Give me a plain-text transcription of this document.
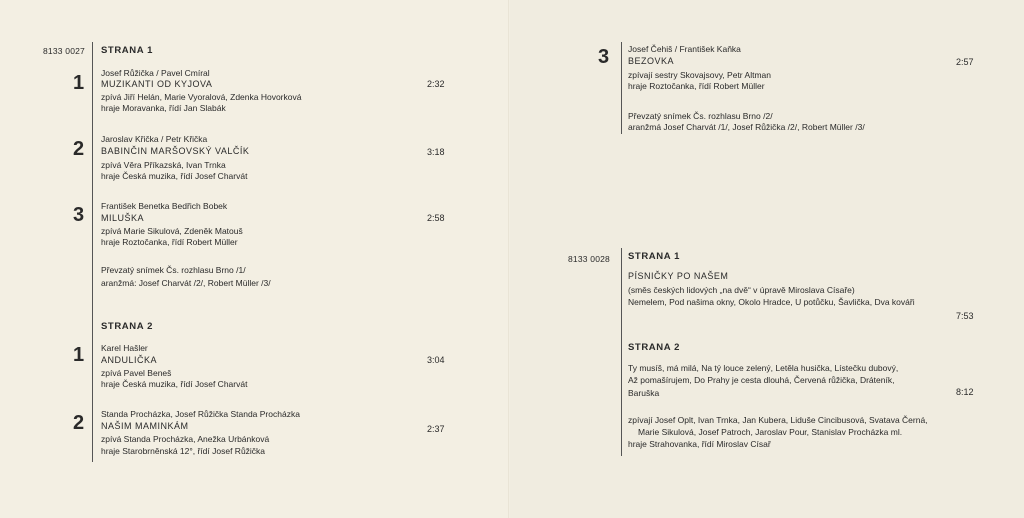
8133 0027 STRANA 1
1 Josef Růžička / Pavel Cmíral
MUZIKANTI OD KYJOVA	2:32
zpívá Jiří Helán, Marie Vyoralová, Zdenka Hovorková
hraje Moravanka, řídí Jan Slabák
2 Jaroslav Křička / Petr Křička
BABINČIN MARŠOVSKÝ VALČÍK	3:18
zpívá Věra Příkazská, Ivan Trnka
hraje Česká muzika, řídí Josef Charvát
3 František Benetka Bedřich Bobek
MILUŠKA	2:58
zpívá Marie Sikulová, Zdeněk Matouš
hraje Roztočanka, řídí Robert Müller
Převzatý snímek Čs. rozhlasu Brno /1/
aranžmá: Josef Charvát /2/, Robert Müller /3/
STRANA 2
1 Karel Hašler
ANDULIČKA	3:04
zpívá Pavel Beneš
hraje Česká muzika, řídí Josef Charvát
2 Standa Procházka, Josef Růžička Standa Procházka
NAŠIM MAMINKÁM	2:37
zpívá Standa Procházka, Anežka Urbánková
hraje Starobrněnská 12°, řídí Josef Růžička
3 Josef Čehiš / František Kaňka
BEZOVKA	2:57
zpívají sestry Skovajsovy, Petr Altman
hraje Roztočanka, řídí Robert Müller
Převzatý snímek Čs. rozhlasu Brno /2/
aranžmá Josef Charvát /1/, Josef Růžička /2/, Robert Müller /3/
8133 0028 STRANA 1
PÍSNIČKY PO NAŠEM
(směs českých lidových „na dvě“ v úpravě Miroslava Císaře)
Nemelem, Pod našima okny, Okolo Hradce, U potůčku, Šavlička, Dva kováři
7:53
STRANA 2
Ty musíš, má milá, Na tý louce zelený, Letěla husička, Lístečku dubový,
Až pomašírujem, Do Prahy je cesta dlouhá, Červená růžička, Dráteník,
Baruška	8:12
zpívají Josef Oplt, Ivan Trnka, Jan Kubera, Liduše Cincibusová, Svatava Černá,
Marie Sikulová, Josef Patroch, Jaroslav Pour, Stanislav Procházka ml.
hraje Strahovanka, řídí Miroslav Císař
